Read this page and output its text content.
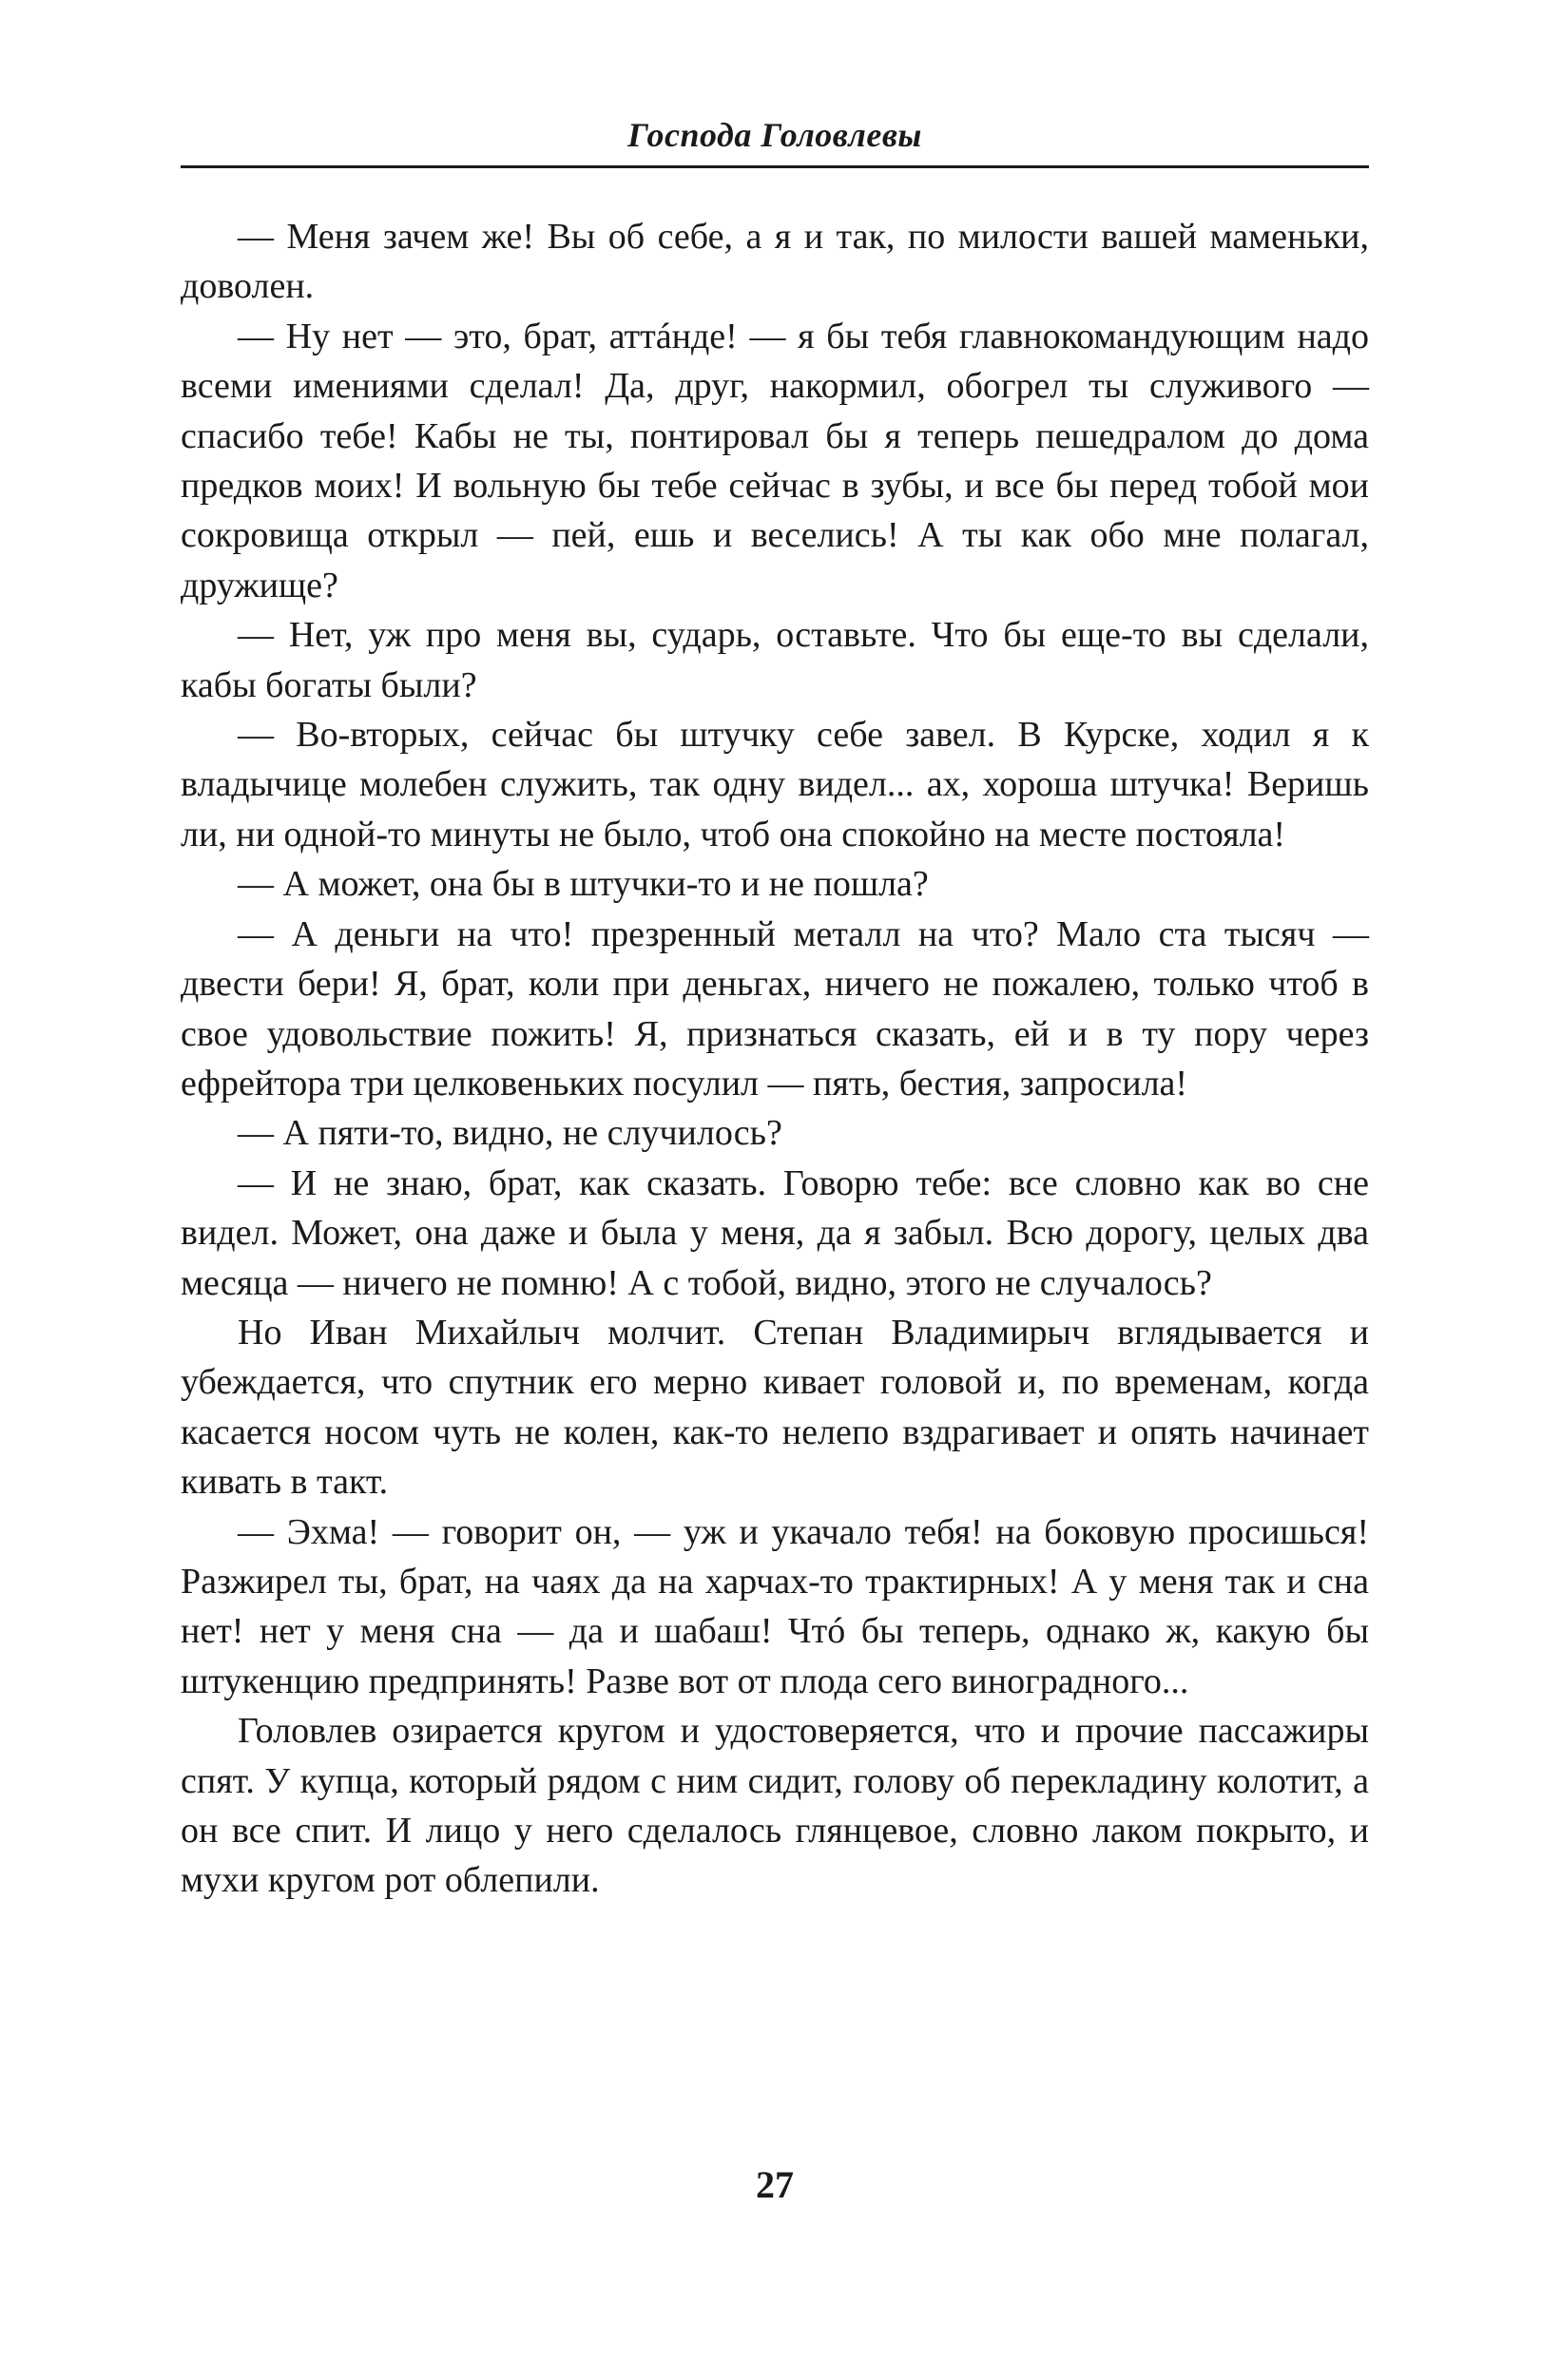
Господа Головлевы

— Меня зачем же! Вы об себе, а я и так, по милости вашей маменьки, доволен.

— Ну нет — это, брат, аттáнде! — я бы тебя главнокомандующим надо всеми имениями сделал! Да, друг, накормил, обогрел ты служивого — спасибо тебе! Кабы не ты, понтировал бы я теперь пешедралом до дома предков моих! И вольную бы тебе сейчас в зубы, и все бы перед тобой мои сокровища открыл — пей, ешь и веселись! А ты как обо мне полагал, дружище?

— Нет, уж про меня вы, сударь, оставьте. Что бы еще-то вы сделали, кабы богаты были?

— Во-вторых, сейчас бы штучку себе завел. В Курске, ходил я к владычице молебен служить, так одну видел... ах, хороша штучка! Веришь ли, ни одной-то минуты не было, чтоб она спокойно на месте постояла!

— А может, она бы в штучки-то и не пошла?

— А деньги на что! презренный металл на что? Мало ста тысяч — двести бери! Я, брат, коли при деньгах, ничего не пожалею, только чтоб в свое удовольствие пожить! Я, признаться сказать, ей и в ту пору через ефрейтора три целковеньких посулил — пять, бестия, запросила!

— А пяти-то, видно, не случилось?

— И не знаю, брат, как сказать. Говорю тебе: все словно как во сне видел. Может, она даже и была у меня, да я забыл. Всю дорогу, целых два месяца — ничего не помню! А с тобой, видно, этого не случалось?

Но Иван Михайлыч молчит. Степан Владимирыч вглядывается и убеждается, что спутник его мерно кивает головой и, по временам, когда касается носом чуть не колен, как-то нелепо вздрагивает и опять начинает кивать в такт.

— Эхма! — говорит он, — уж и укачало тебя! на боковую просишься! Разжирел ты, брат, на чаях да на харчах-то трактирных! А у меня так и сна нет! нет у меня сна — да и шабаш! Чтó бы теперь, однако ж, какую бы штукенцию предпринять! Разве вот от плода сего виноградного...

Головлев озирается кругом и удостоверяется, что и прочие пассажиры спят. У купца, который рядом с ним сидит, голову об перекладину колотит, а он все спит. И лицо у него сделалось глянцевое, словно лаком покрыто, и мухи кругом рот облепили.

27
